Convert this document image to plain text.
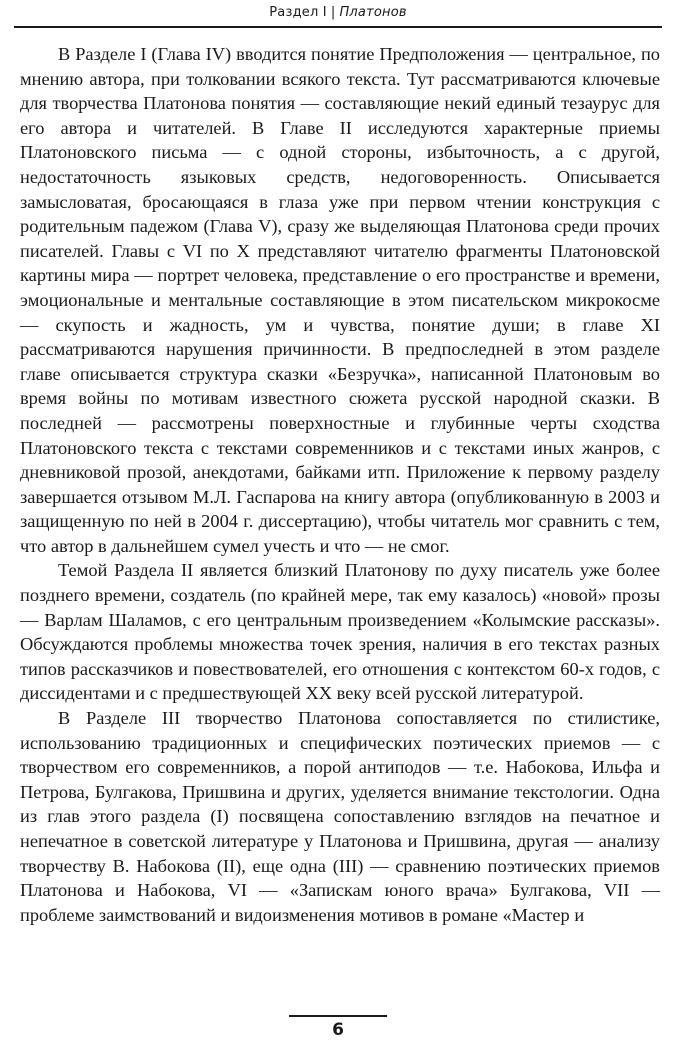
Раздел I | Платонов

В Разделе I (Глава IV) вводится понятие Предположения — центральное, по мнению автора, при толковании всякого текста. Тут рассматриваются ключевые для творчества Платонова понятия — составляющие некий единый тезаурус для его автора и читателей. В Главе II исследуются характерные приемы Платоновского письма — с одной стороны, избыточность, а с другой, недостаточность языковых средств, недоговоренность. Описывается замысловатая, бросающаяся в глаза уже при первом чтении конструкция с родительным падежом (Глава V), сразу же выделяющая Платонова среди прочих писателей. Главы с VI по X представляют читателю фрагменты Платоновской картины мира — портрет человека, представление о его пространстве и времени, эмоциональные и ментальные составляющие в этом писательском микрокосме — скупость и жадность, ум и чувства, понятие души; в главе XI рассматриваются нарушения причинности. В предпоследней в этом разделе главе описывается структура сказки «Безручка», написанной Платоновым во время войны по мотивам известного сюжета русской народной сказки. В последней — рассмотрены поверхностные и глубинные черты сходства Платоновского текста с текстами современников и с текстами иных жанров, с дневниковой прозой, анекдотами, байками итп. Приложение к первому разделу завершается отзывом М.Л. Гаспарова на книгу автора (опубликованную в 2003 и защищенную по ней в 2004 г. диссертацию), чтобы читатель мог сравнить с тем, что автор в дальнейшем сумел учесть и что — не смог.

Темой Раздела II является близкий Платонову по духу писатель уже более позднего времени, создатель (по крайней мере, так ему казалось) «новой» прозы — Варлам Шаламов, с его центральным произведением «Колымские рассказы». Обсуждаются проблемы множества точек зрения, наличия в его текстах разных типов рассказчиков и повествователей, его отношения с контекстом 60-х годов, с диссидентами и с предшествующей XX веку всей русской литературой.

В Разделе III творчество Платонова сопоставляется по стилистике, использованию традиционных и специфических поэтических приемов — с творчеством его современников, а порой антиподов — т.е. Набокова, Ильфа и Петрова, Булгакова, Пришвина и других, уделяется внимание текстологии. Одна из глав этого раздела (I) посвящена сопоставлению взглядов на печатное и непечатное в советской литературе у Платонова и Пришвина, другая — анализу творчеству В. Набокова (II), еще одна (III) — сравнению поэтических приемов Платонова и Набокова, VI — «Запискам юного врача» Булгакова, VII — проблеме заимствований и видоизменения мотивов в романе «Мастер и

6
